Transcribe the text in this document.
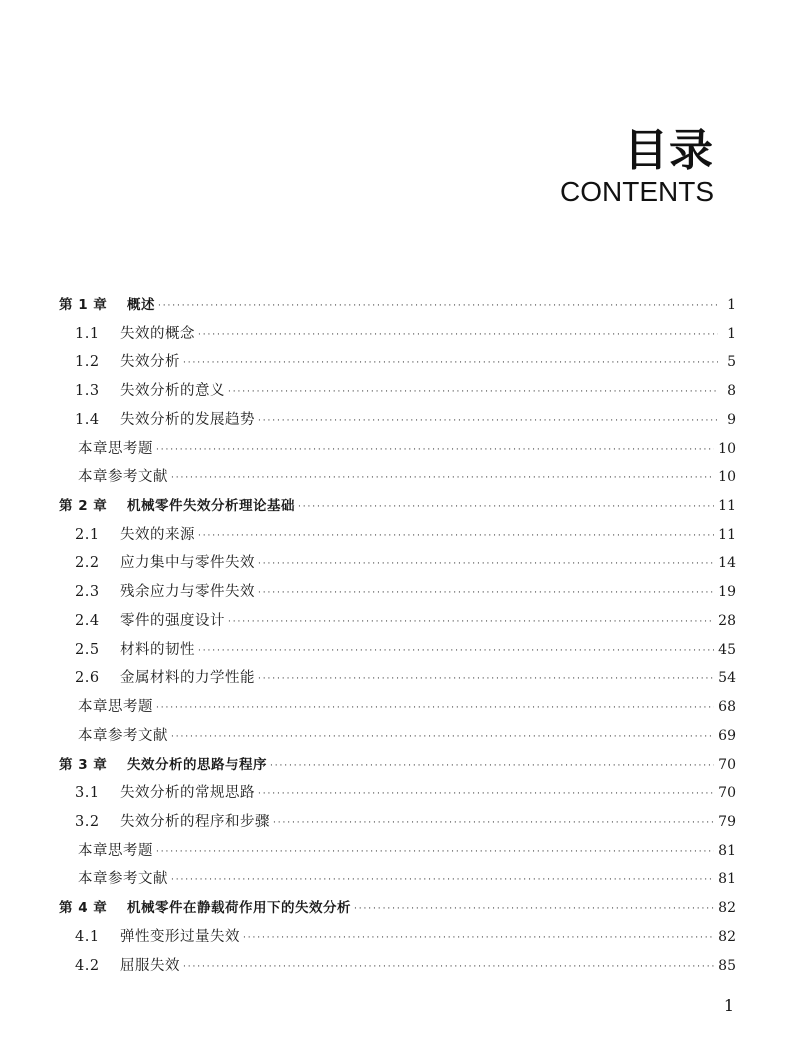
目录
CONTENTS
第 1 章	概述 ·····	1
1.1	失效的概念 ·····	1
1.2	失效分析 ·····	5
1.3	失效分析的意义 ·····	8
1.4	失效分析的发展趋势 ·····	9
本章思考题 ·····	10
本章参考文献 ·····	10
第 2 章	机械零件失效分析理论基础 ·····	11
2.1	失效的来源 ·····	11
2.2	应力集中与零件失效 ·····	14
2.3	残余应力与零件失效 ·····	19
2.4	零件的强度设计 ·····	28
2.5	材料的韧性 ·····	45
2.6	金属材料的力学性能 ·····	54
本章思考题 ·····	68
本章参考文献 ·····	69
第 3 章	失效分析的思路与程序 ·····	70
3.1	失效分析的常规思路 ·····	70
3.2	失效分析的程序和步骤 ·····	79
本章思考题 ·····	81
本章参考文献 ·····	81
第 4 章	机械零件在静载荷作用下的失效分析 ·····	82
4.1	弹性变形过量失效 ·····	82
4.2	屈服失效 ·····	85
1
